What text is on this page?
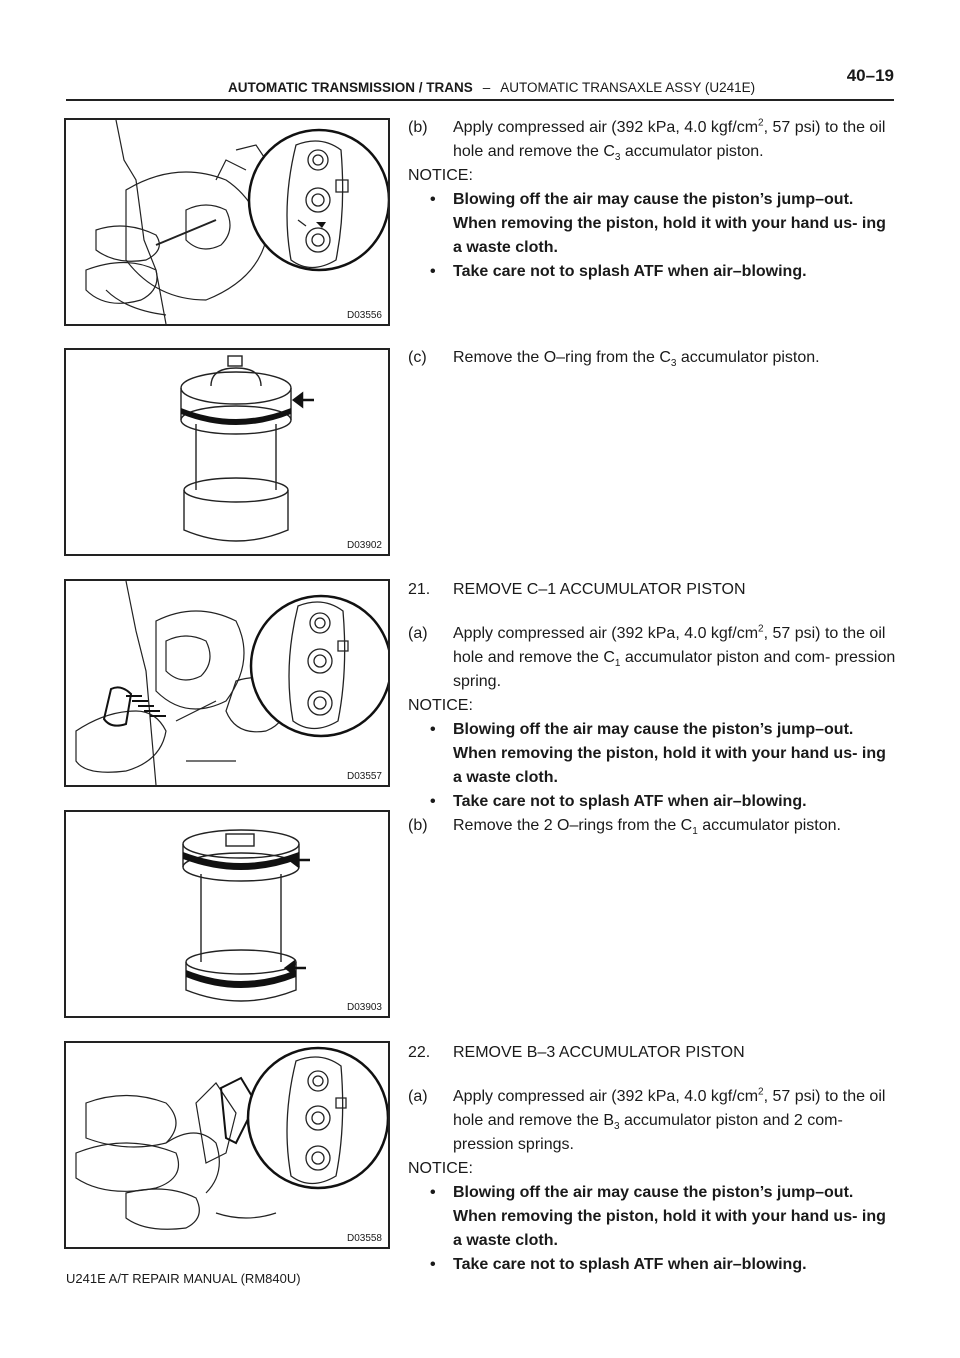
AUTOMATIC TRANSMISSION / TRANS – AUTOMATIC TRANSAXLE ASSY (U241E)
40–19
D03556
D03902
D03557
D03903
D03558

(b) Apply compressed air (392 kPa, 4.0 kgf/$cm^2$, 57 psi) to the oil hole and remove the $C_3$ accumulator piston.

NOTICE:

• Blowing off the air may cause the piston’s jump–out. When removing the piston, hold it with your hand us- ing a waste cloth.

• Take care not to splash ATF when air–blowing.

(c) Remove the O–ring from the $C_3$ accumulator piston.

21. REMOVE C–1 ACCUMULATOR PISTON

(a) Apply compressed air (392 kPa, 4.0 kgf/$cm^2$, 57 psi) to the oil hole and remove the $C_1$ accumulator piston and com- pression spring.

NOTICE:

• Blowing off the air may cause the piston’s jump–out. When removing the piston, hold it with your hand us- ing a waste cloth.

• Take care not to splash ATF when air–blowing.

(b) Remove the 2 O–rings from the $C_1$ accumulator piston.

22. REMOVE B–3 ACCUMULATOR PISTON

(a) Apply compressed air (392 kPa, 4.0 kgf/$cm^2$, 57 psi) to the oil hole and remove the $B_3$ accumulator piston and 2 com- pression springs.

NOTICE:

• Blowing off the air may cause the piston’s jump–out. When removing the piston, hold it with your hand us- ing a waste cloth.

• Take care not to splash ATF when air–blowing.

U241E A/T REPAIR MANUAL (RM840U)
